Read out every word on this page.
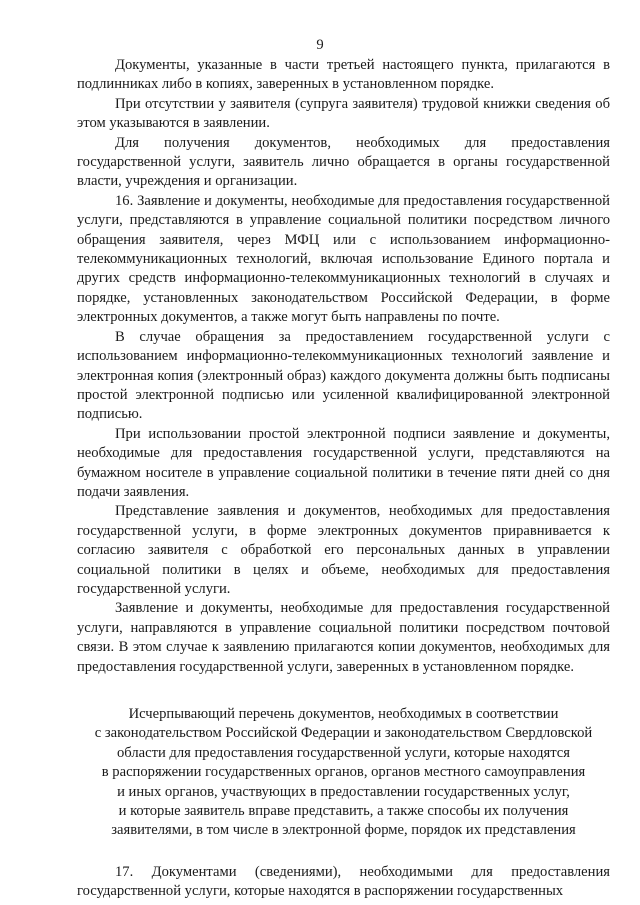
9

Документы, указанные в части третьей настоящего пункта, прилагаются в подлинниках либо в копиях, заверенных в установленном порядке.

При отсутствии у заявителя (супруга заявителя) трудовой книжки сведения об этом указываются в заявлении.

Для получения документов, необходимых для предоставления государственной услуги, заявитель лично обращается в органы государственной власти, учреждения и организации.

16. Заявление и документы, необходимые для предоставления государственной услуги, представляются в управление социальной политики посредством личного обращения заявителя, через МФЦ или с использованием информационно-телекоммуникационных технологий, включая использование Единого портала и других средств информационно-телекоммуникационных технологий в случаях и порядке, установленных законодательством Российской Федерации, в форме электронных документов, а также могут быть направлены по почте.

В случае обращения за предоставлением государственной услуги с использованием информационно-телекоммуникационных технологий заявление и электронная копия (электронный образ) каждого документа должны быть подписаны простой электронной подписью или усиленной квалифицированной электронной подписью.

При использовании простой электронной подписи заявление и документы, необходимые для предоставления государственной услуги, представляются на бумажном носителе в управление социальной политики в течение пяти дней со дня подачи заявления.

Представление заявления и документов, необходимых для предоставления государственной услуги, в форме электронных документов приравнивается к согласию заявителя с обработкой его персональных данных в управлении социальной политики в целях и объеме, необходимых для предоставления государственной услуги.

Заявление и документы, необходимые для предоставления государственной услуги, направляются в управление социальной политики посредством почтовой связи. В этом случае к заявлению прилагаются копии документов, необходимых для предоставления государственной услуги, заверенных в установленном порядке.

Исчерпывающий перечень документов, необходимых в соответствии
с законодательством Российской Федерации и законодательством Свердловской
области для предоставления государственной услуги, которые находятся
в распоряжении государственных органов, органов местного самоуправления
и иных органов, участвующих в предоставлении государственных услуг,
и которые заявитель вправе представить, а также способы их получения
заявителями, в том числе в электронной форме, порядок их представления

17. Документами (сведениями), необходимыми для предоставления государственной услуги, которые находятся в распоряжении государственных
